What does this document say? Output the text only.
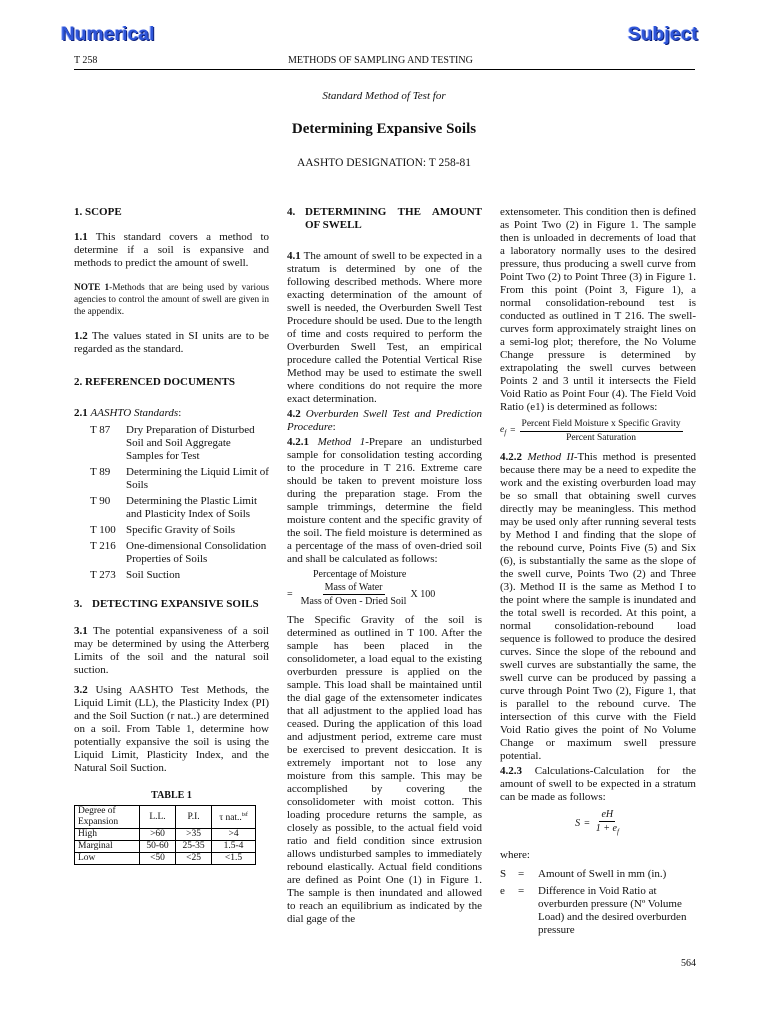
Numerical	Subject
T 258	METHODS OF SAMPLING AND TESTING
Standard Method of Test for
Determining Expansive Soils
AASHTO DESIGNATION: T 258-81
1. SCOPE

1.1 This standard covers a method to determine if a soil is expansive and methods to predict the amount of swell.

NOTE 1-Methods that are being used by various agencies to control the amount of swell are given in the appendix.

1.2 The values stated in SI units are to be regarded as the standard.

2. REFERENCED DOCUMENTS

2.1 AASHTO Standards:

T 87	Dry Preparation of Disturbed Soil and Soil Aggregate Samples for Test
T 89	Determining the Liquid Limit of Soils
T 90	Determining the Plastic Limit and Plasticity Index of Soils
T 100 Specific Gravity of Soils
T 216 One-dimensional Consolidation Properties of Soils
T 273 Soil Suction
3. DETECTING EXPANSIVE SOILS

3.1 The potential expansiveness of a soil may be determined by using the Atterberg Limits of the soil and the natural soil suction.

3.2 Using AASHTO Test Methods, the Liquid Limit (LL), the Plasticity Index (PI) and the Soil Suction (r nat..) are determined on a soil. From Table 1, determine how potentially expansive the soil is using the Liquid Limit, Plasticity Index, and the Natural Soil Suction.

TABLE 1
Degree of Expansion	L.L.	P.I.	τ nat..$^{tsf}$
High	>60	>35	>4
Marginal	50-60	25-35	1.5-4
Low	<50	<25	<1.5
4. DETERMINING THE AMOUNT OF SWELL

4.1 The amount of swell to be expected in a stratum is determined by one of the following described methods. Where more exacting determination of the amount of swell is needed, the Overburden Swell Test Procedure should be used. Due to the length of time and costs required to perform the Overburden Swell Test, an empirical procedure called the Potential Vertical Rise Method may be used to estimate the swell where conditions do not require the more exact determination.

4.2 Overburden Swell Test and Prediction Procedure:

4.2.1 Method 1-Prepare an undisturbed sample for consolidation testing according to the procedure in T 216. Extreme care should be taken to prevent moisture loss during the preparation stage. From the sample trimmings, determine the field moisture content and the specific gravity of the soil. The field moisture is determined as a percentage of the mass of oven-dried soil and shall be calculated as follows:

Percentage of Moisture
= $\frac{\text{Mass of Water}}{\text{Mass of Oven - Dried Soil}}$ X 100

The Specific Gravity of the soil is determined as outlined in T 100. After the sample has been placed in the consolidometer, a load equal to the existing overburden pressure is applied on the sample. This load shall be maintained until the dial gage of the extensometer indicates that all adjustment to the applied load has ceased. During the application of this load and adjustment period, extreme care must be exercised to prevent desiccation. It is extremely important not to lose any moisture from this sample. This may be accomplished by covering the consolidometer with moist cotton. This loading procedure returns the sample, as closely as possible, to the actual field void ratio and field condition since extrusion allows undisturbed samples to immediately rebound elastically. Actual field conditions are defined as Point One (1) in Figure 1. The sample is then inundated and allowed to reach an equilibrium as indicated by the dial gage of the

extensometer. This condition then is defined as Point Two (2) in Figure 1. The sample then is unloaded in decrements of load that a laboratory normally uses to the desired pressure, thus producing a swell curve from Point Two (2) to Point Three (3) in Figure 1. From this point (Point 3, Figure 1), a normal consolidation-rebound test is conducted as outlined in T 216. The swell-curves form approximately straight lines on a semi-log plot; therefore, the No Volume Change pressure is determined by extrapolating the swell curves between Points 2 and 3 until it intersects the Field Void Ratio as Point Four (4). The Field Void Ratio (e1) is determined as follows:

$e_f = \frac{\text{Percent Field Moisture x Specific Gravity}}{\text{Percent Saturation}}$

4.2.2 Method II-This method is presented because there may be a need to expedite the work and the existing overburden load may be so small that obtaining swell curves directly may be meaningless. This method may be used only after running several tests by Method I and finding that the slope of the rebound curve, Points Five (5) and Six (6), is substantially the same as the slope of the swell curve, Points Two (2) and Three (3). Method II is the same as Method I to the point where the sample is inundated and the total swell is recorded. At this point, a normal consolidation-rebound load sequence is followed to produce the desired curves. Since the slope of the rebound and swell curves are substantially the same, the swell curve can be produced by passing a curve through Point Two (2), Figure 1, that is parallel to the rebound curve. The intersection of this curve with the Field Void Ratio gives the point of No Volume Change or maximum swell pressure potential.

4.2.3 Calculations-Calculation for the amount of swell to be expected in a stratum can be made as follows:

$S = \frac{eH}{1 + e_f}$
where:
S	=	Amount of Swell in mm (in.)
e	=	Difference in Void Ratio at overburden pressure (Nº Volume Load) and the desired overburden pressure
564
